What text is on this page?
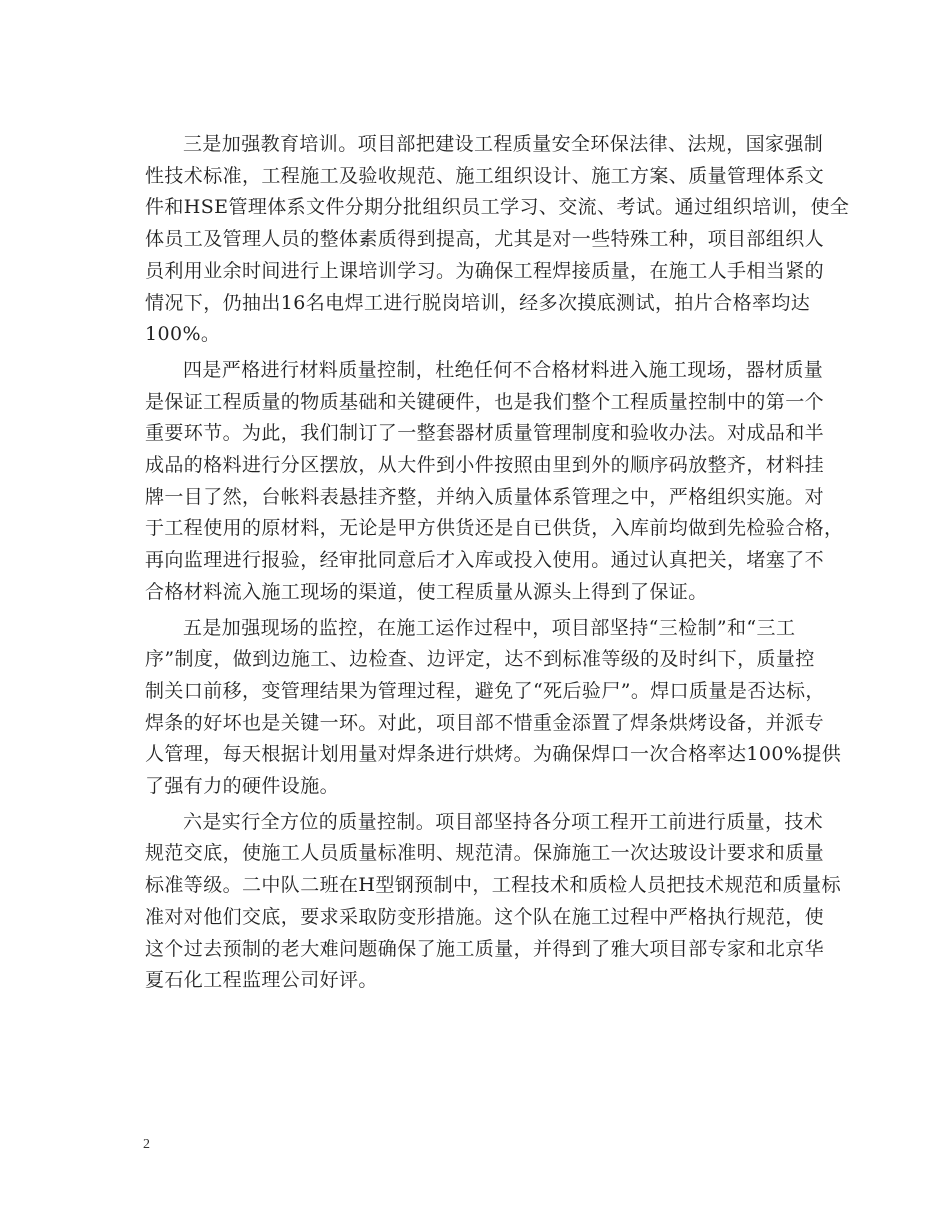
三是加强教育培训。项目部把建设工程质量安全环保法律、法规，国家强制
性技术标准，工程施工及验收规范、施工组织设计、施工方案、质量管理体系文
件和HSE管理体系文件分期分批组织员工学习、交流、考试。通过组织培训，使全
体员工及管理人员的整体素质得到提高，尤其是对一些特殊工种，项目部组织人
员利用业余时间进行上课培训学习。为确保工程焊接质量，在施工人手相当紧的
情况下，仍抽出16名电焊工进行脱岗培训，经多次摸底测试，拍片合格率均达
100%。

四是严格进行材料质量控制，杜绝任何不合格材料进入施工现场，器材质量
是保证工程质量的物质基础和关键硬件，也是我们整个工程质量控制中的第一个
重要环节。为此，我们制订了一整套器材质量管理制度和验收办法。对成品和半
成品的格料进行分区摆放，从大件到小件按照由里到外的顺序码放整齐，材料挂
牌一目了然，台帐料表悬挂齐整，并纳入质量体系管理之中，严格组织实施。对
于工程使用的原材料，无论是甲方供货还是自已供货，入库前均做到先检验合格，
再向监理进行报验，经审批同意后才入库或投入使用。通过认真把关，堵塞了不
合格材料流入施工现场的渠道，使工程质量从源头上得到了保证。

五是加强现场的监控，在施工运作过程中，项目部坚持“三检制”和“三工
序”制度，做到边施工、边检查、边评定，达不到标准等级的及时纠下，质量控
制关口前移，变管理结果为管理过程，避免了“死后验尸”。焊口质量是否达标，
焊条的好坏也是关键一环。对此，项目部不惜重金添置了焊条烘烤设备，并派专
人管理，每天根据计划用量对焊条进行烘烤。为确保焊口一次合格率达100%提供
了强有力的硬件设施。

六是实行全方位的质量控制。项目部坚持各分项工程开工前进行质量，技术
规范交底，使施工人员质量标准明、规范清。保旆施工一次达玻设计要求和质量
标准等级。二中队二班在H型钢预制中，工程技术和质检人员把技术规范和质量标
准对对他们交底，要求采取防变形措施。这个队在施工过程中严格执行规范，使
这个过去预制的老大难问题确保了施工质量，并得到了雅大项目部专家和北京华
夏石化工程监理公司好评。

2
